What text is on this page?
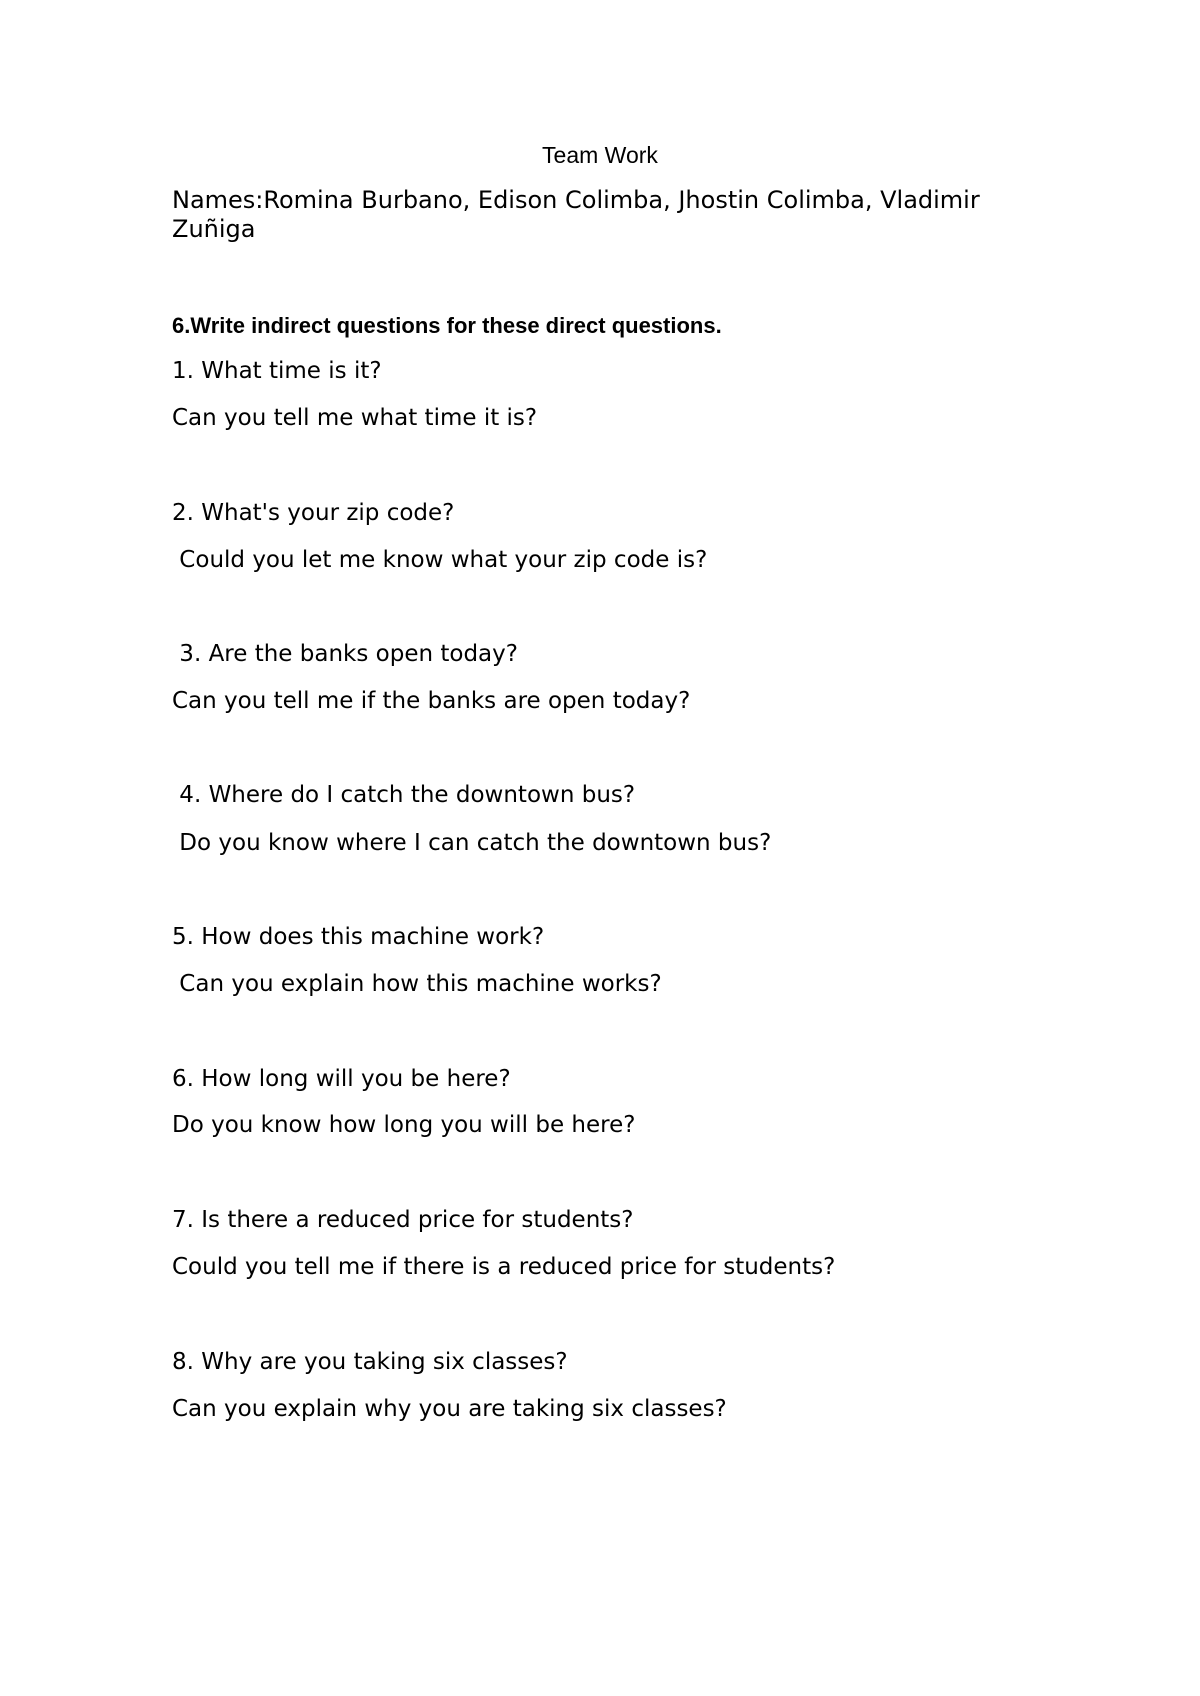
Team Work
Names:Romina Burbano, Edison Colimba, Jhostin Colimba, Vladimir Zuñiga
6.Write indirect questions for these direct questions.
1. What time is it?
Can you tell me what time it is?
2. What's your zip code?
Could you let me know what your zip code is?
3. Are the banks open today?
Can you tell me if the banks are open today?
4. Where do I catch the downtown bus?
Do you know where I can catch the downtown bus?
5. How does this machine work?
Can you explain how this machine works?
6. How long will you be here?
Do you know how long you will be here?
7. Is there a reduced price for students?
Could you tell me if there is a reduced price for students?
8. Why are you taking six classes?
Can you explain why you are taking six classes?
